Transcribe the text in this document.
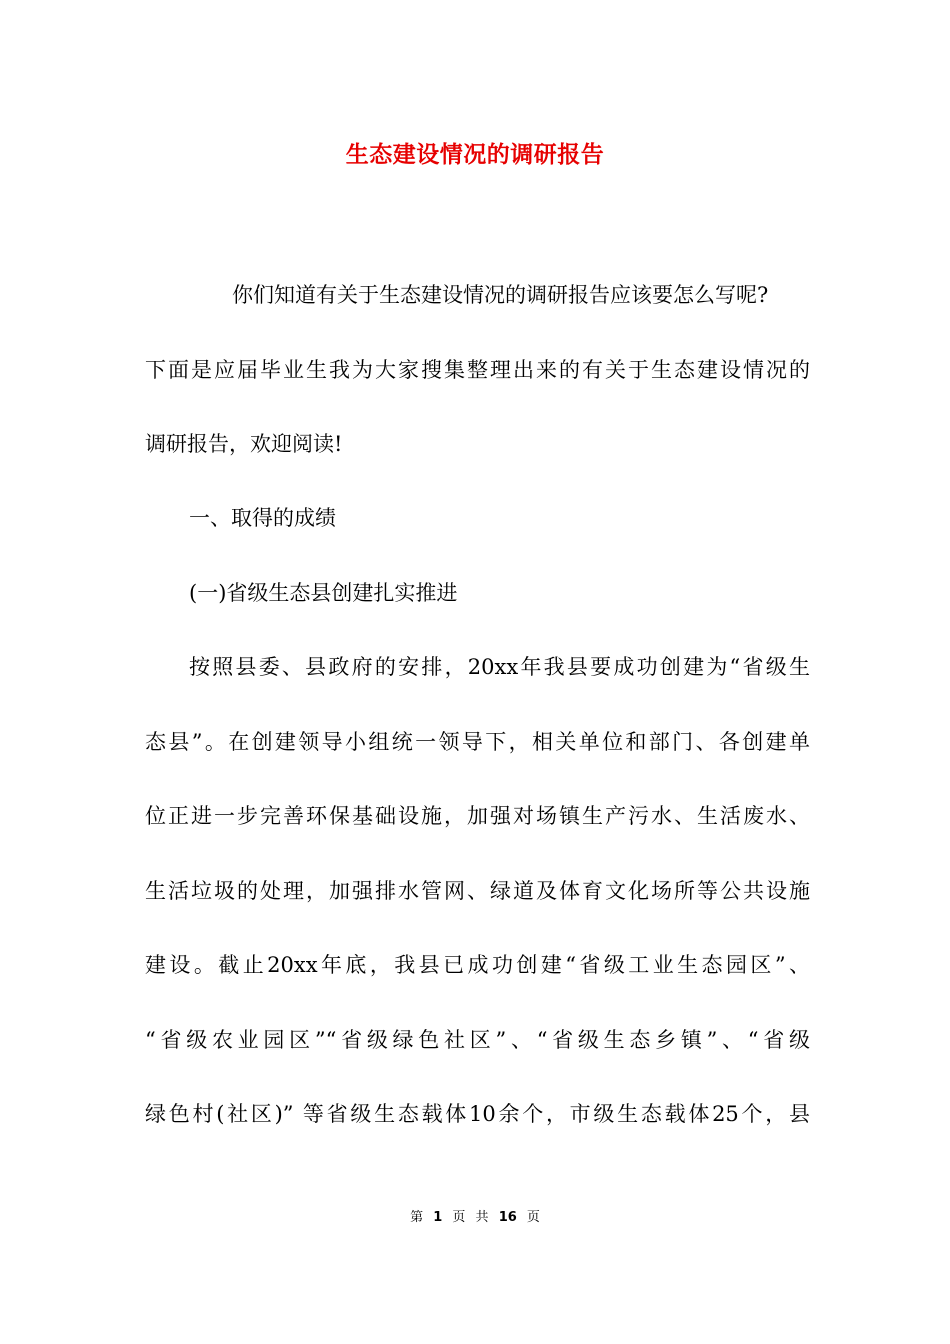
生态建设情况的调研报告
你们知道有关于生态建设情况的调研报告应该要怎么写呢?
下面是应届毕业生我为大家搜集整理出来的有关于生态建设情况的
调研报告，欢迎阅读!
一、取得的成绩
(一)省级生态县创建扎实推进
按照县委、县政府的安排，20xx年我县要成功创建为“省级生
态县”。在创建领导小组统一领导下，相关单位和部门、各创建单
位正进一步完善环保基础设施，加强对场镇生产污水、生活废水、
生活垃圾的处理，加强排水管网、绿道及体育文化场所等公共设施
建设。截止20xx年底，我县已成功创建“省级工业生态园区”、
“省级农业园区”“省级绿色社区”、“省级生态乡镇”、“省级
绿色村(社区)” 等省级生态载体10余个，市级生态载体25个，县
第 1 页 共 16 页
